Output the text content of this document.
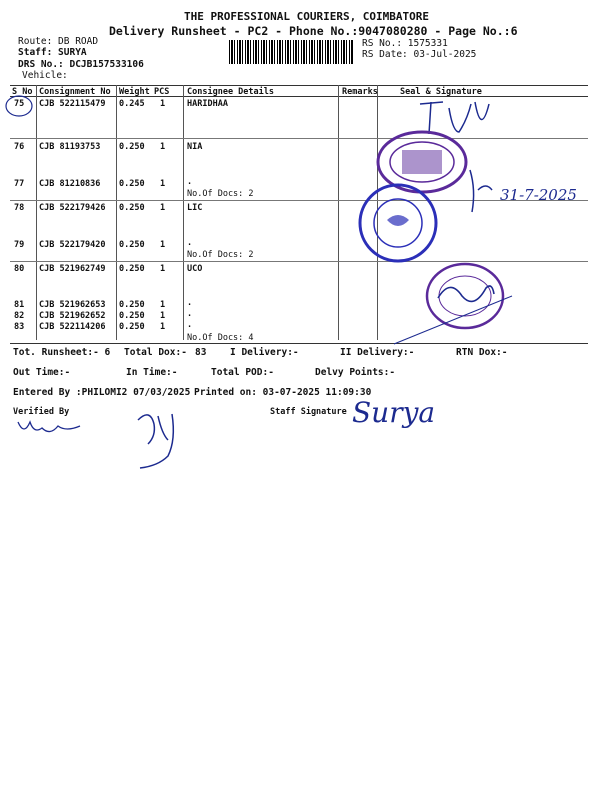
THE PROFESSIONAL COURIERS, COIMBATORE
Delivery Runsheet - PC2 - Phone No.:9047080280 - Page No.:6
Route: DB ROAD
Staff: SURYA
DRS No.: DCJB157533106
Vehicle:
RS No.: 1575331
RS Date: 03-Jul-2025
S No Consignment No Weight PCS Consignee Details	Remarks	Seal & Signature
75 CJB 522115479 0.245 1	HARIDHAA
76 CJB 81193753 0.250 1	NIA
77 CJB 81210836 0.250 1	.
No.Of Docs: 2
78 CJB 522179426 0.250 1	LIC
79 CJB 522179420 0.250 1	.
No.Of Docs: 2
80 CJB 521962749 0.250 1	UCO
81 CJB 521962653 0.250 1	.
82 CJB 521962652 0.250 1	.
83 CJB 522114206 0.250 1	.
No.Of Docs: 4
Tot. Runsheet:- 6 Total Dox:- 83 I Delivery:-	II Delivery:-	RTN Dox:-
Out Time:-	In Time:-	Total POD:-	Delvy Points:-
Entered By :PHILOMI2 07/03/2025 Printed on: 03-07-2025 11:09:30
Verified By	Staff Signature
31-7-2025
Surya
